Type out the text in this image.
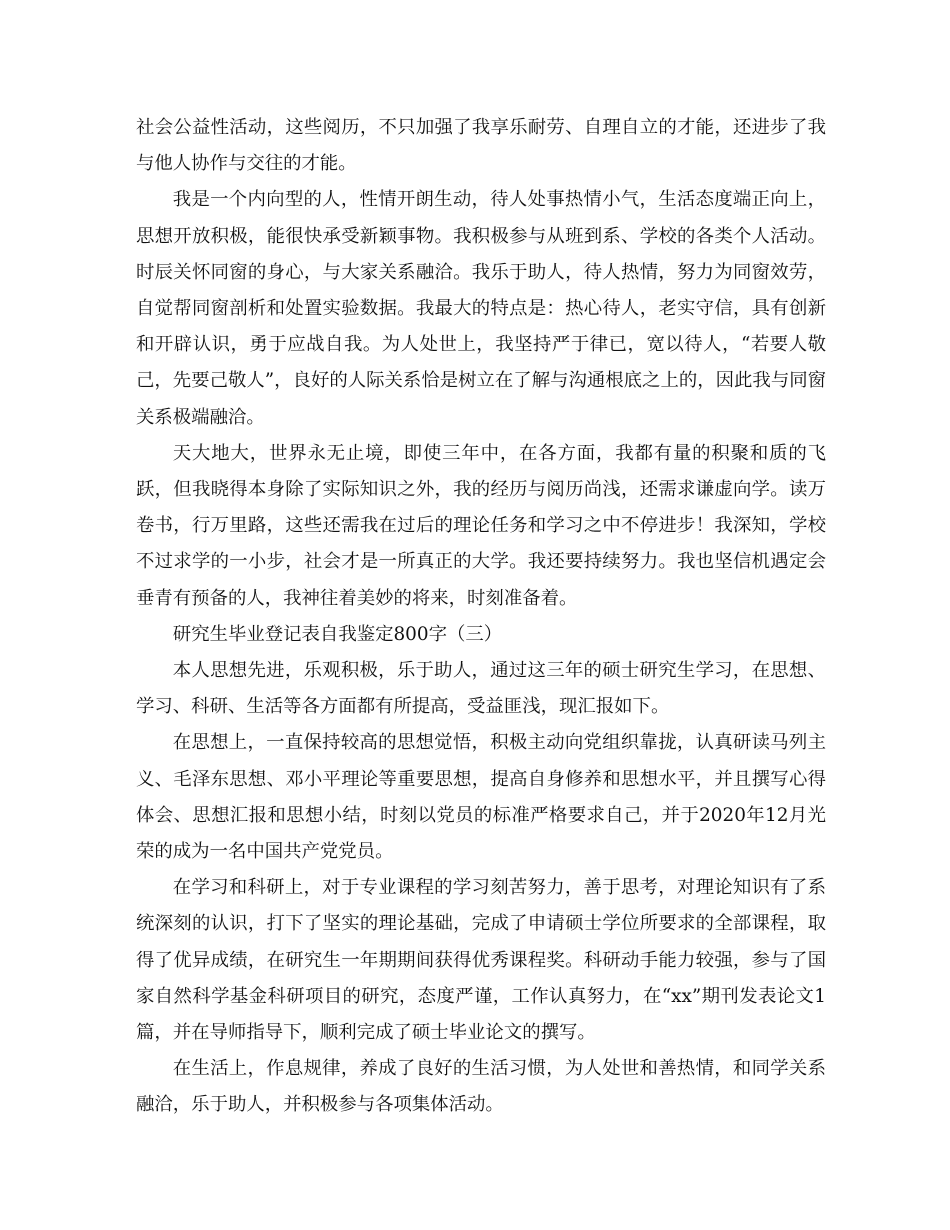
社会公益性活动，这些阅历，不只加强了我享乐耐劳、自理自立的才能，还进步了我与他人协作与交往的才能。

我是一个内向型的人，性情开朗生动，待人处事热情小气，生活态度端正向上，思想开放积极，能很快承受新颖事物。我积极参与从班到系、学校的各类个人活动。时辰关怀同窗的身心，与大家关系融洽。我乐于助人，待人热情，努力为同窗效劳，自觉帮同窗剖析和处置实验数据。我最大的特点是：热心待人，老实守信，具有创新和开辟认识，勇于应战自我。为人处世上，我坚持严于律已，宽以待人，“若要人敬己，先要己敬人”，良好的人际关系恰是树立在了解与沟通根底之上的，因此我与同窗关系极端融洽。

天大地大，世界永无止境，即使三年中，在各方面，我都有量的积聚和质的飞跃，但我晓得本身除了实际知识之外，我的经历与阅历尚浅，还需求谦虚向学。读万卷书，行万里路，这些还需我在过后的理论任务和学习之中不停进步！我深知，学校不过求学的一小步，社会才是一所真正的大学。我还要持续努力。我也坚信机遇定会垂青有预备的人，我神往着美妙的将来，时刻准备着。

研究生毕业登记表自我鉴定800字（三）

本人思想先进，乐观积极，乐于助人，通过这三年的硕士研究生学习，在思想、学习、科研、生活等各方面都有所提高，受益匪浅，现汇报如下。

在思想上，一直保持较高的思想觉悟，积极主动向党组织靠拢，认真研读马列主义、毛泽东思想、邓小平理论等重要思想，提高自身修养和思想水平，并且撰写心得体会、思想汇报和思想小结，时刻以党员的标准严格要求自己，并于2020年12月光荣的成为一名中国共产党党员。

在学习和科研上，对于专业课程的学习刻苦努力，善于思考，对理论知识有了系统深刻的认识，打下了坚实的理论基础，完成了申请硕士学位所要求的全部课程，取得了优异成绩，在研究生一年期期间获得优秀课程奖。科研动手能力较强，参与了国家自然科学基金科研项目的研究，态度严谨，工作认真努力，在“xx”期刊发表论文1篇，并在导师指导下，顺利完成了硕士毕业论文的撰写。

在生活上，作息规律，养成了良好的生活习惯，为人处世和善热情，和同学关系融洽，乐于助人，并积极参与各项集体活动。
